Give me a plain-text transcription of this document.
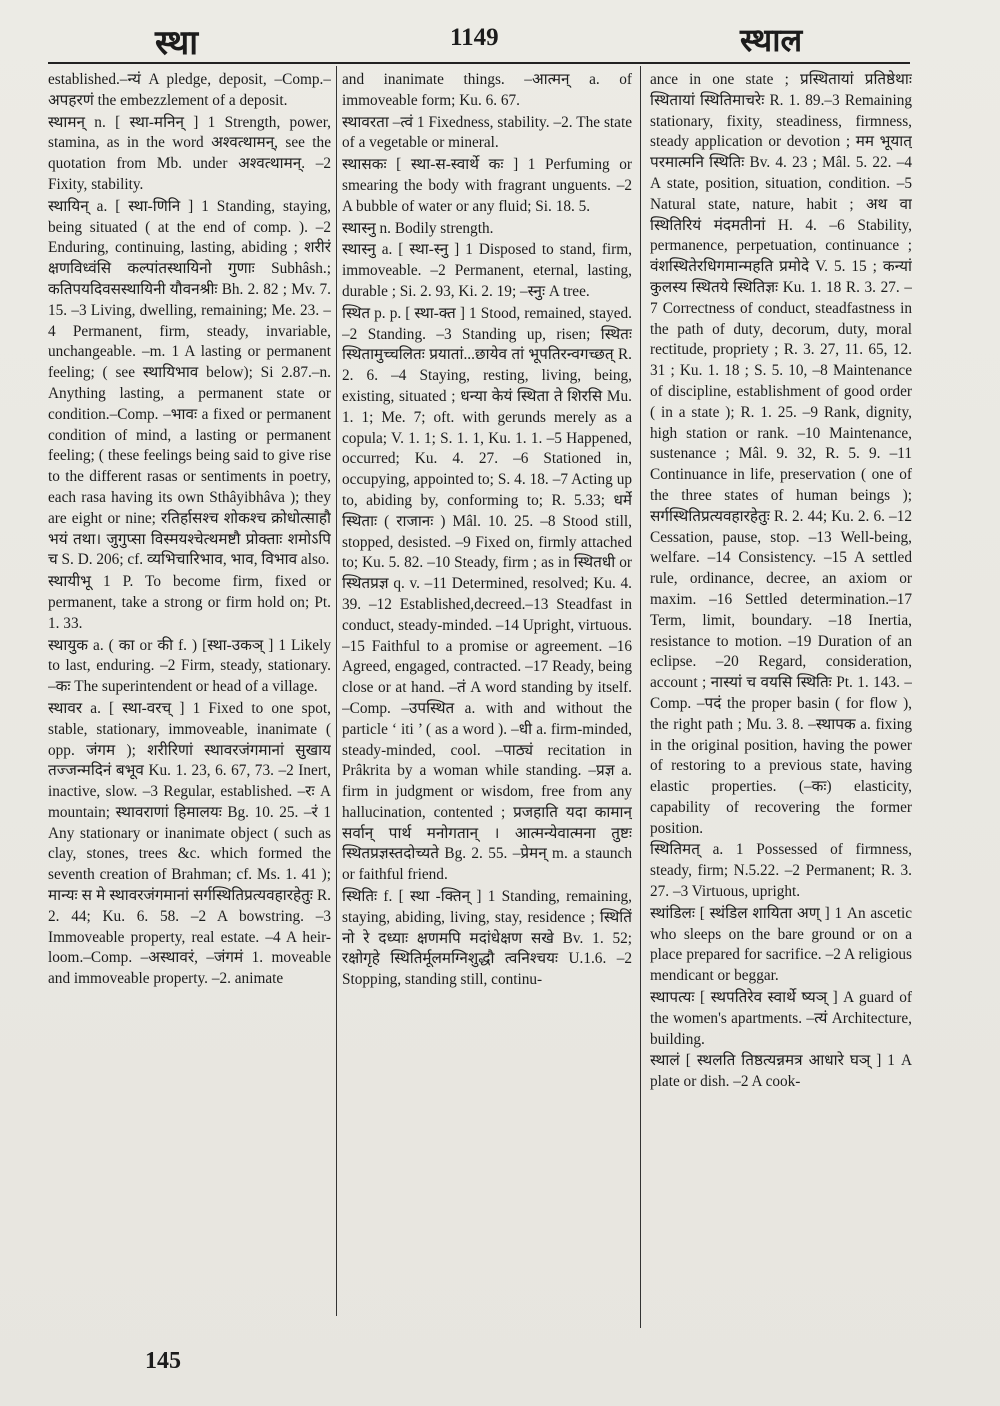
स्था	1149	स्थाल

established.–न्यं A pledge, deposit, –Comp.–अपहरणं the embezzlement of a deposit.

स्थामन् n. [ स्था-मनिन् ] 1 Strength, power, stamina, as in the word अश्वत्थामन्, see the quotation from Mb. under अश्वत्थामन्. –2 Fixity, stability.

स्थायिन् a. [ स्था-णिनि ] 1 Standing, staying, being situated ( at the end of comp. ). –2 Enduring, continuing, lasting, abiding ; शरीरं क्षणविध्वंसि कल्पांतस्थायिनो गुणाः Subhâsh.; कतिपयदिवसस्थायिनी यौवनश्रीः Bh. 2. 82 ; Mv. 7. 15. –3 Living, dwelling, remaining; Me. 23. –4 Permanent, firm, steady, invariable, unchangeable. –m. 1 A lasting or permanent feeling; ( see स्थायिभाव below); Si 2.87.–n. Anything lasting, a permanent state or condition.–Comp. –भावः a fixed or permanent condition of mind, a lasting or permanent feeling; ( these feelings being said to give rise to the different rasas or sentiments in poetry, each rasa having its own Sthâyibhâva ); they are eight or nine; रतिर्हासश्च शोकश्च क्रोधोत्साहौ भयं तथा। जुगुप्सा विस्मयश्चेत्थमष्टौ प्रोक्ताः शमोऽपि च S. D. 206; cf. व्यभिचारिभाव, भाव, विभाव also.

स्थायीभू 1 P. To become firm, fixed or permanent, take a strong or firm hold on; Pt. 1. 33.

स्थायुक a. ( का or की f. ) [स्था-उकञ् ] 1 Likely to last, enduring. –2 Firm, steady, stationary. –कः The superintendent or head of a village.

स्थावर a. [ स्था-वरच् ] 1 Fixed to one spot, stable, stationary, immoveable, inanimate ( opp. जंगम ); शरीरिणां स्थावरजंगमानां सुखाय तज्जन्मदिनं बभूव Ku. 1. 23, 6. 67, 73. –2 Inert, inactive, slow. –3 Regular, established. –रः A mountain; स्थावराणां हिमालयः Bg. 10. 25. –रं 1 Any stationary or inanimate object ( such as clay, stones, trees &c. which formed the seventh creation of Brahman; cf. Ms. 1. 41 ); मान्यः स मे स्थावरजंगमानां सर्गस्थितिप्रत्यवहारहेतुः R. 2. 44; Ku. 6. 58. –2 A bowstring. –3 Immoveable property, real estate. –4 A heir-loom.–Comp. –अस्थावरं, –जंगमं 1. moveable and immoveable property. –2. animate

and inanimate things. –आत्मन् a. of immoveable form; Ku. 6. 67.

स्थावरता –त्वं 1 Fixedness, stability. –2. The state of a vegetable or mineral.

स्थासकः [ स्था-स-स्वार्थे कः ] 1 Perfuming or smearing the body with fragrant unguents. –2 A bubble of water or any fluid; Si. 18. 5.

स्थास्नु n. Bodily strength.

स्थास्नु a. [ स्था-स्नु ] 1 Disposed to stand, firm, immoveable. –2 Permanent, eternal, lasting, durable ; Si. 2. 93, Ki. 2. 19; –स्नुः A tree.

स्थित p. p. [ स्था-क्त ] 1 Stood, remained, stayed. –2 Standing. –3 Standing up, risen; स्थितः स्थितामुच्चलितः प्रयातां...छायेव तां भूपतिरन्वगच्छत् R. 2. 6. –4 Staying, resting, living, being, existing, situated ; धन्या केयं स्थिता ते शिरसि Mu. 1. 1; Me. 7; oft. with gerunds merely as a copula; V. 1. 1; S. 1. 1, Ku. 1. 1. –5 Happened, occurred; Ku. 4. 27. –6 Stationed in, occupying, appointed to; S. 4. 18. –7 Acting up to, abiding by, conforming to; R. 5.33; धर्मे स्थिताः ( राजानः ) Mâl. 10. 25. –8 Stood still, stopped, desisted. –9 Fixed on, firmly attached to; Ku. 5. 82. –10 Steady, firm ; as in स्थितधी or स्थितप्रज्ञ q. v. –11 Determined, resolved; Ku. 4. 39. –12 Established,decreed.–13 Steadfast in conduct, steady-minded. –14 Upright, virtuous. –15 Faithful to a promise or agreement. –16 Agreed, engaged, contracted. –17 Ready, being close or at hand. –तं A word standing by itself. –Comp. –उपस्थित a. with and without the particle ‘ iti ’ ( as a word ). –धी a. firm-minded, steady-minded, cool. –पाठ्यं recitation in Prâkrita by a woman while standing. –प्रज्ञ a. firm in judgment or wisdom, free from any hallucination, contented ; प्रजहाति यदा कामान् सर्वान् पार्थ मनोगतान् । आत्मन्येवात्मना तुष्टः स्थितप्रज्ञस्तदोच्यते Bg. 2. 55. –प्रेमन् m. a staunch or faithful friend.

स्थितिः f. [ स्था -क्तिन् ] 1 Standing, remaining, staying, abiding, living, stay, residence ; स्थितिं नो रे दध्याः क्षणमपि मदांधेक्षण सखे Bv. 1. 52; रक्षोगृहे स्थितिर्मूलमग्निशुद्धौ त्वनिश्चयः U.1.6. –2 Stopping, standing still, continu-

ance in one state ; प्रस्थितायां प्रतिष्ठेथाः स्थितायां स्थितिमाचरेः R. 1. 89.–3 Remaining stationary, fixity, steadiness, firmness, steady application or devotion ; मम भूयात् परमात्मनि स्थितिः Bv. 4. 23 ; Mâl. 5. 22. –4 A state, position, situation, condition. –5 Natural state, nature, habit ; अथ वा स्थितिरियं मंदमतीनां H. 4. –6 Stability, permanence, perpetuation, continuance ; वंशस्थितेरधिगमान्महति प्रमोदे V. 5. 15 ; कन्यां कुलस्य स्थितये स्थितिज्ञः Ku. 1. 18 R. 3. 27. –7 Correctness of conduct, steadfastness in the path of duty, decorum, duty, moral rectitude, propriety ; R. 3. 27, 11. 65, 12. 31 ; Ku. 1. 18 ; S. 5. 10, –8 Maintenance of discipline, establishment of good order ( in a state ); R. 1. 25. –9 Rank, dignity, high station or rank. –10 Maintenance, sustenance ; Mâl. 9. 32, R. 5. 9. –11 Continuance in life, preservation ( one of the three states of human beings ); सर्गस्थितिप्रत्यवहारहेतुः R. 2. 44; Ku. 2. 6. –12 Cessation, pause, stop. –13 Well-being, welfare. –14 Consistency. –15 A settled rule, ordinance, decree, an axiom or maxim. –16 Settled determination.–17 Term, limit, boundary. –18 Inertia, resistance to motion. –19 Duration of an eclipse. –20 Regard, consideration, account ; नास्यां च वयसि स्थितिः Pt. 1. 143. –Comp. –पदं the proper basin ( for flow ), the right path ; Mu. 3. 8. –स्थापक a. fixing in the original position, having the power of restoring to a previous state, having elastic properties. (–कः) elasticity, capability of recovering the former position.

स्थितिमत् a. 1 Possessed of firmness, steady, firm; N.5.22. –2 Permanent; R. 3. 27. –3 Virtuous, upright.

स्थांडिलः [ स्थंडिल शायिता अण् ] 1 An ascetic who sleeps on the bare ground or on a place prepared for sacrifice. –2 A religious mendicant or beggar.

स्थापत्यः [ स्थपतिरेव स्वार्थे ष्यञ् ] A guard of the women's apartments. –त्यं Architecture, building.

स्थालं [ स्थलति तिष्ठत्यन्नमत्र आधारे घञ् ] 1 A plate or dish. –2 A cook-

145
